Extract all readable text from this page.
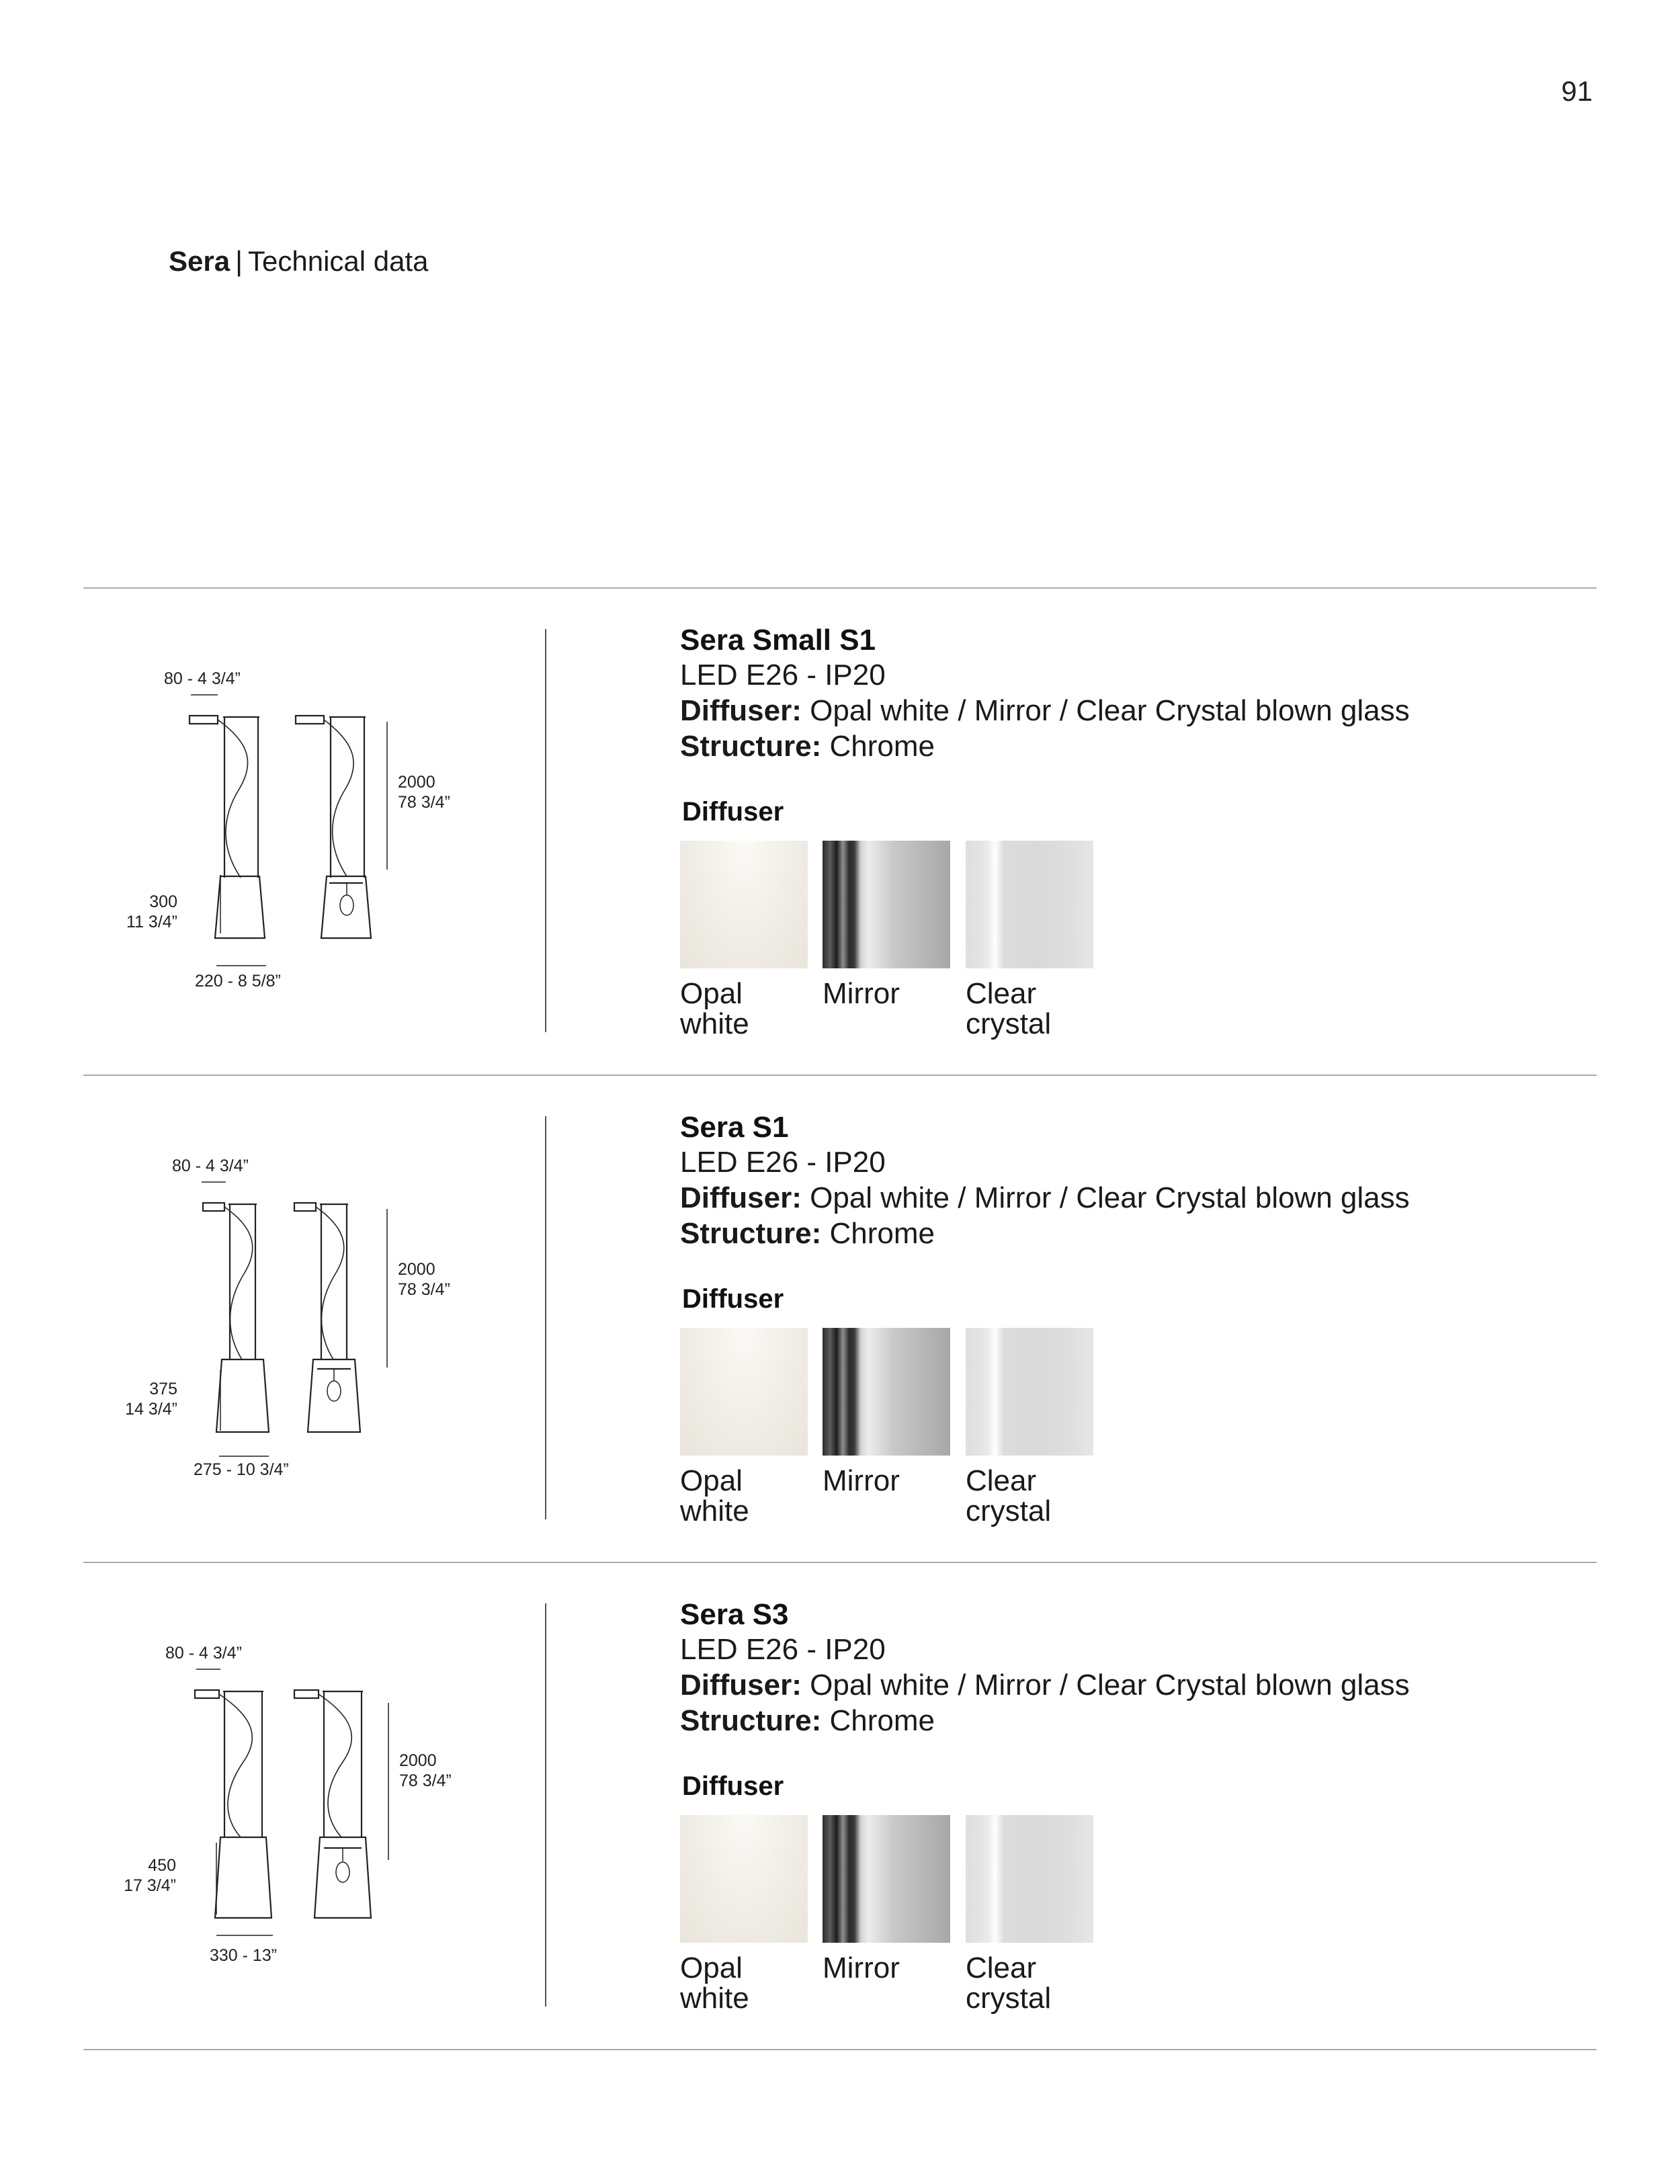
91
Sera | Technical data
80 - 4 3/4”
2000
78 3/4”
300
11 3/4”
220 - 8 5/8”
Sera Small S1
LED E26 - IP20
Diffuser: Opal white / Mirror / Clear Crystal blown glass
Structure: Chrome
Diffuser
Opal
white
Mirror Clear
crystal
80 - 4 3/4”
2000
78 3/4”
375
14 3/4”
275 - 10 3/4”
Sera S1
LED E26 - IP20
Diffuser: Opal white / Mirror / Clear Crystal blown glass
Structure: Chrome
Diffuser
Opal
white
Mirror Clear
crystal
80 - 4 3/4”
2000
78 3/4”
450
17 3/4”
330 - 13”
Sera S3
LED E26 - IP20
Diffuser: Opal white / Mirror / Clear Crystal blown glass
Structure: Chrome
Diffuser
Opal
white
Mirror Clear
crystal
